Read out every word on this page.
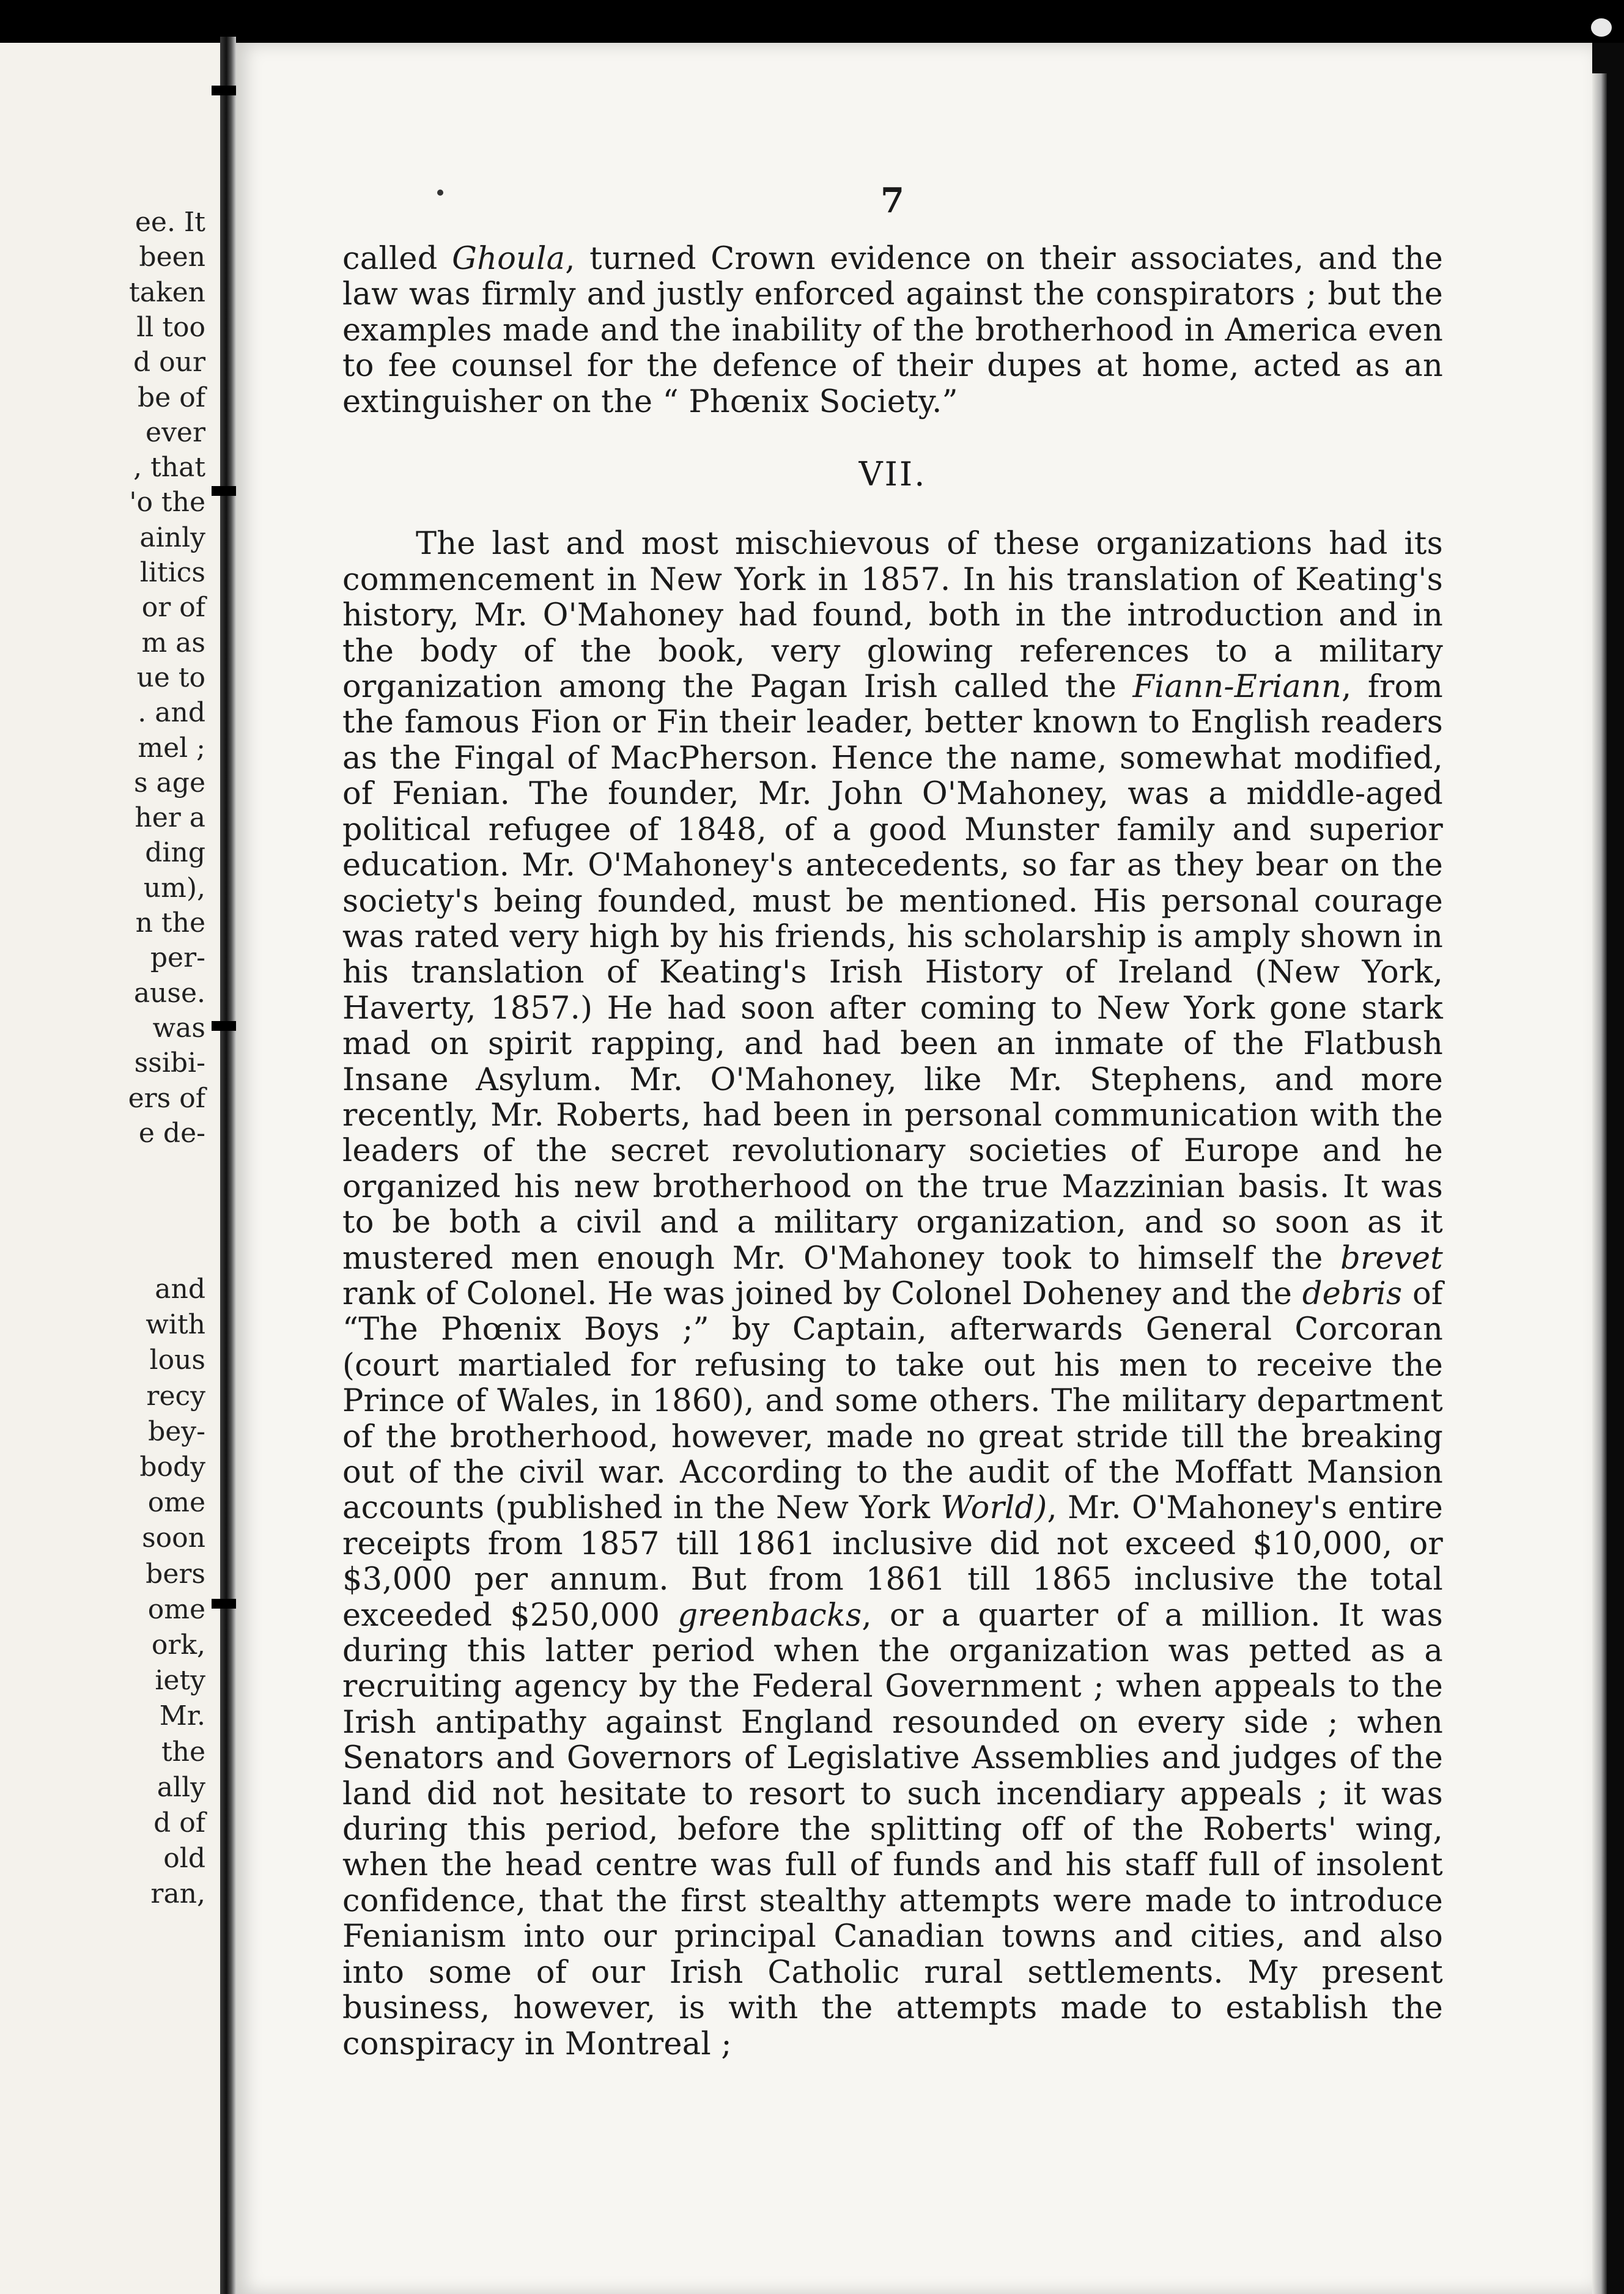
ee. It
been
taken
ll too
d our
be of
ever
, that
'o the
ainly
litics
or of
m as
ue to
. and
mel ;
s age
her a
ding
um),
n the
per-
ause.
was
ssibi-
ers of
e de-
and
with
lous
recy
bey-
body
ome
soon
bers
ome
ork,
iety
Mr.
the
ally
d of
old
ran,
7

called Ghoula, turned Crown evidence on their associates, and the law was firmly and justly enforced against the conspirators ; but the examples made and the inability of the brotherhood in America even to fee counsel for the defence of their dupes at home, acted as an extinguisher on the “ Phœnix Society.”

VII.

The last and most mischievous of these organizations had its commencement in New York in 1857. In his translation of Keating's history, Mr. O'Mahoney had found, both in the introduction and in the body of the book, very glowing references to a military organization among the Pagan Irish called the Fiann-Eriann, from the famous Fion or Fin their leader, better known to English readers as the Fingal of MacPherson. Hence the name, somewhat modified, of Fenian. The founder, Mr. John O'Mahoney, was a middle-aged political refugee of 1848, of a good Munster family and superior education. Mr. O'Mahoney's antecedents, so far as they bear on the society's being founded, must be mentioned. His personal courage was rated very high by his friends, his scholarship is amply shown in his translation of Keating's Irish History of Ireland (New York, Haverty, 1857.) He had soon after coming to New York gone stark mad on spirit rapping, and had been an inmate of the Flatbush Insane Asylum. Mr. O'Mahoney, like Mr. Stephens, and more recently, Mr. Roberts, had been in personal communication with the leaders of the secret revolutionary societies of Europe and he organized his new brotherhood on the true Mazzinian basis. It was to be both a civil and a military organization, and so soon as it mustered men enough Mr. O'Mahoney took to himself the brevet rank of Colonel. He was joined by Colonel Doheney and the debris of “The Phœnix Boys ;” by Captain, afterwards General Corcoran (court martialed for refusing to take out his men to receive the Prince of Wales, in 1860), and some others. The military department of the brotherhood, however, made no great stride till the breaking out of the civil war. According to the audit of the Moffatt Mansion accounts (published in the New York World), Mr. O'Mahoney's entire receipts from 1857 till 1861 inclusive did not exceed $10,000, or $3,000 per annum. But from 1861 till 1865 inclusive the total exceeded $250,000 greenbacks, or a quarter of a million. It was during this latter period when the organization was petted as a recruiting agency by the Federal Government ; when appeals to the Irish antipathy against England resounded on every side ; when Senators and Governors of Legislative Assemblies and judges of the land did not hesitate to resort to such incendiary appeals ; it was during this period, before the splitting off of the Roberts' wing, when the head centre was full of funds and his staff full of insolent confidence, that the first stealthy attempts were made to introduce Fenianism into our principal Canadian towns and cities, and also into some of our Irish Catholic rural settlements. My present business, however, is with the attempts made to establish the conspiracy in Montreal ;
